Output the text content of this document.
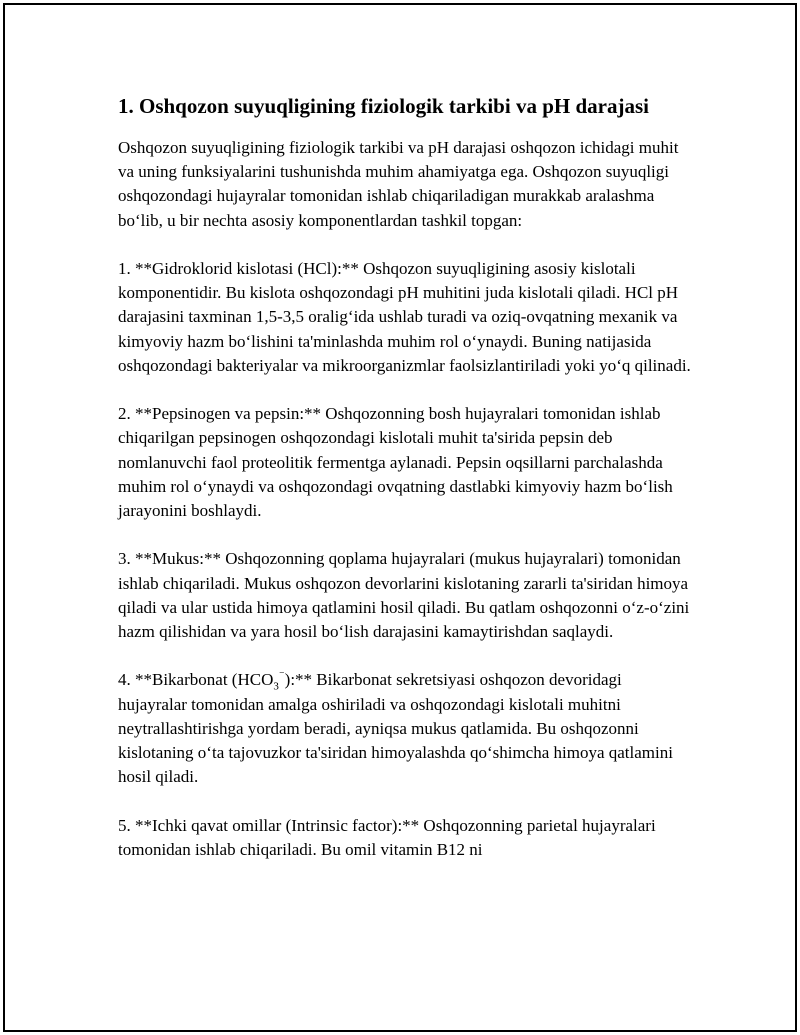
1. Oshqozon suyuqligining fiziologik tarkibi va pH darajasi

Oshqozon suyuqligining fiziologik tarkibi va pH darajasi oshqozon ichidagi muhit va uning funksiyalarini tushunishda muhim ahamiyatga ega. Oshqozon suyuqligi oshqozondagi hujayralar tomonidan ishlab chiqariladigan murakkab aralashma bo‘lib, u bir nechta asosiy komponentlardan tashkil topgan:

1. **Gidroklorid kislotasi (HCl):** Oshqozon suyuqligining asosiy kislotali komponentidir. Bu kislota oshqozondagi pH muhitini juda kislotali qiladi. HCl pH darajasini taxminan 1,5-3,5 oralig‘ida ushlab turadi va oziq-ovqatning mexanik va kimyoviy hazm bo‘lishini ta'minlashda muhim rol o‘ynaydi. Buning natijasida oshqozondagi bakteriyalar va mikroorganizmlar faolsizlantiriladi yoki yo‘q qilinadi.

2. **Pepsinogen va pepsin:** Oshqozonning bosh hujayralari tomonidan ishlab chiqarilgan pepsinogen oshqozondagi kislotali muhit ta'sirida pepsin deb nomlanuvchi faol proteolitik fermentga aylanadi. Pepsin oqsillarni parchalashda muhim rol o‘ynaydi va oshqozondagi ovqatning dastlabki kimyoviy hazm bo‘lish jarayonini boshlaydi.

3. **Mukus:** Oshqozonning qoplama hujayralari (mukus hujayralari) tomonidan ishlab chiqariladi. Mukus oshqozon devorlarini kislotaning zararli ta'siridan himoya qiladi va ular ustida himoya qatlamini hosil qiladi. Bu qatlam oshqozonni o‘z-o‘zini hazm qilishidan va yara hosil bo‘lish darajasini kamaytirishdan saqlaydi.

4. **Bikarbonat $(HCO_3^{^-}):**$ Bikarbonat sekretsiyasi oshqozon devoridagi hujayralar tomonidan amalga oshiriladi va oshqozondagi kislotali muhitni neytrallashtirishga yordam beradi, ayniqsa mukus qatlamida. Bu oshqozonni kislotaning o‘ta tajovuzkor ta'siridan himoyalashda qo‘shimcha himoya qatlamini hosil qiladi.

5. **Ichki qavat omillar (Intrinsic factor):** Oshqozonning parietal hujayralari tomonidan ishlab chiqariladi. Bu omil vitamin B12 ni
